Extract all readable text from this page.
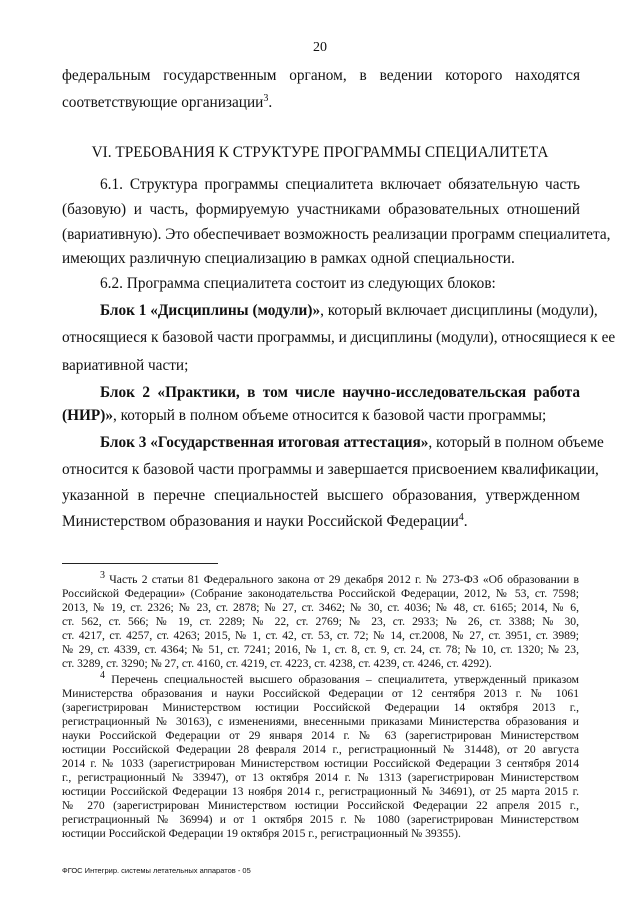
20
федеральным государственным органом, в ведении которого находятся
соответствующие организации$^3$.
VI. ТРЕБОВАНИЯ К СТРУКТУРЕ ПРОГРАММЫ СПЕЦИАЛИТЕТА
6.1. Структура программы специалитета включает обязательную часть
(базовую) и часть, формируемую участниками образовательных отношений
(вариативную). Это обеспечивает возможность реализации программ специалитета,
имеющих различную специализацию в рамках одной специальности.
6.2. Программа специалитета состоит из следующих блоков:
Блок 1 «Дисциплины (модули)», который включает дисциплины (модули),
относящиеся к базовой части программы, и дисциплины (модули), относящиеся к ее
вариативной части;
Блок 2 «Практики, в том числе научно-исследовательская работа
(НИР)», который в полном объеме относится к базовой части программы;
Блок 3 «Государственная итоговая аттестация», который в полном объеме
относится к базовой части программы и завершается присвоением квалификации,
указанной в перечне специальностей высшего образования, утвержденном
Министерством образования и науки Российской Федерации$^4$.
$^3$ Часть 2 статьи 81 Федерального закона от 29 декабря 2012 г. № 273-ФЗ «Об образовании в
Российской Федерации» (Собрание законодательства Российской Федерации, 2012, № 53, ст. 7598;
2013, № 19, ст. 2326; № 23, ст. 2878; № 27, ст. 3462; № 30, ст. 4036; № 48, ст. 6165; 2014, № 6,
ст. 562, ст. 566; № 19, ст. 2289; № 22, ст. 2769; № 23, ст. 2933; № 26, ст. 3388; № 30,
ст. 4217, ст. 4257, ст. 4263; 2015, № 1, ст. 42, ст. 53, ст. 72; № 14, ст.2008, № 27, ст. 3951, ст. 3989;
№ 29, ст. 4339, ст. 4364; № 51, ст. 7241; 2016, № 1, ст. 8, ст. 9, ст. 24, ст. 78; № 10, ст. 1320; № 23,
ст. 3289, ст. 3290; № 27, ст. 4160, ст. 4219, ст. 4223, ст. 4238, ст. 4239, ст. 4246, ст. 4292).
$^4$ Перечень специальностей высшего образования – специалитета, утвержденный приказом
Министерства образования и науки Российской Федерации от 12 сентября 2013 г. № 1061
(зарегистрирован Министерством юстиции Российской Федерации 14 октября 2013 г.,
регистрационный № 30163), с изменениями, внесенными приказами Министерства образования и
науки Российской Федерации от 29 января 2014 г. № 63 (зарегистрирован Министерством
юстиции Российской Федерации 28 февраля 2014 г., регистрационный № 31448), от 20 августа
2014 г. № 1033 (зарегистрирован Министерством юстиции Российской Федерации 3 сентября 2014
г., регистрационный № 33947), от 13 октября 2014 г. № 1313 (зарегистрирован Министерством
юстиции Российской Федерации 13 ноября 2014 г., регистрационный № 34691), от 25 марта 2015 г.
№ 270 (зарегистрирован Министерством юстиции Российской Федерации 22 апреля 2015 г.,
регистрационный № 36994) и от 1 октября 2015 г. № 1080 (зарегистрирован Министерством
юстиции Российской Федерации 19 октября 2015 г., регистрационный № 39355).
ФГОС Интегрир. системы летательных аппаратов - 05
